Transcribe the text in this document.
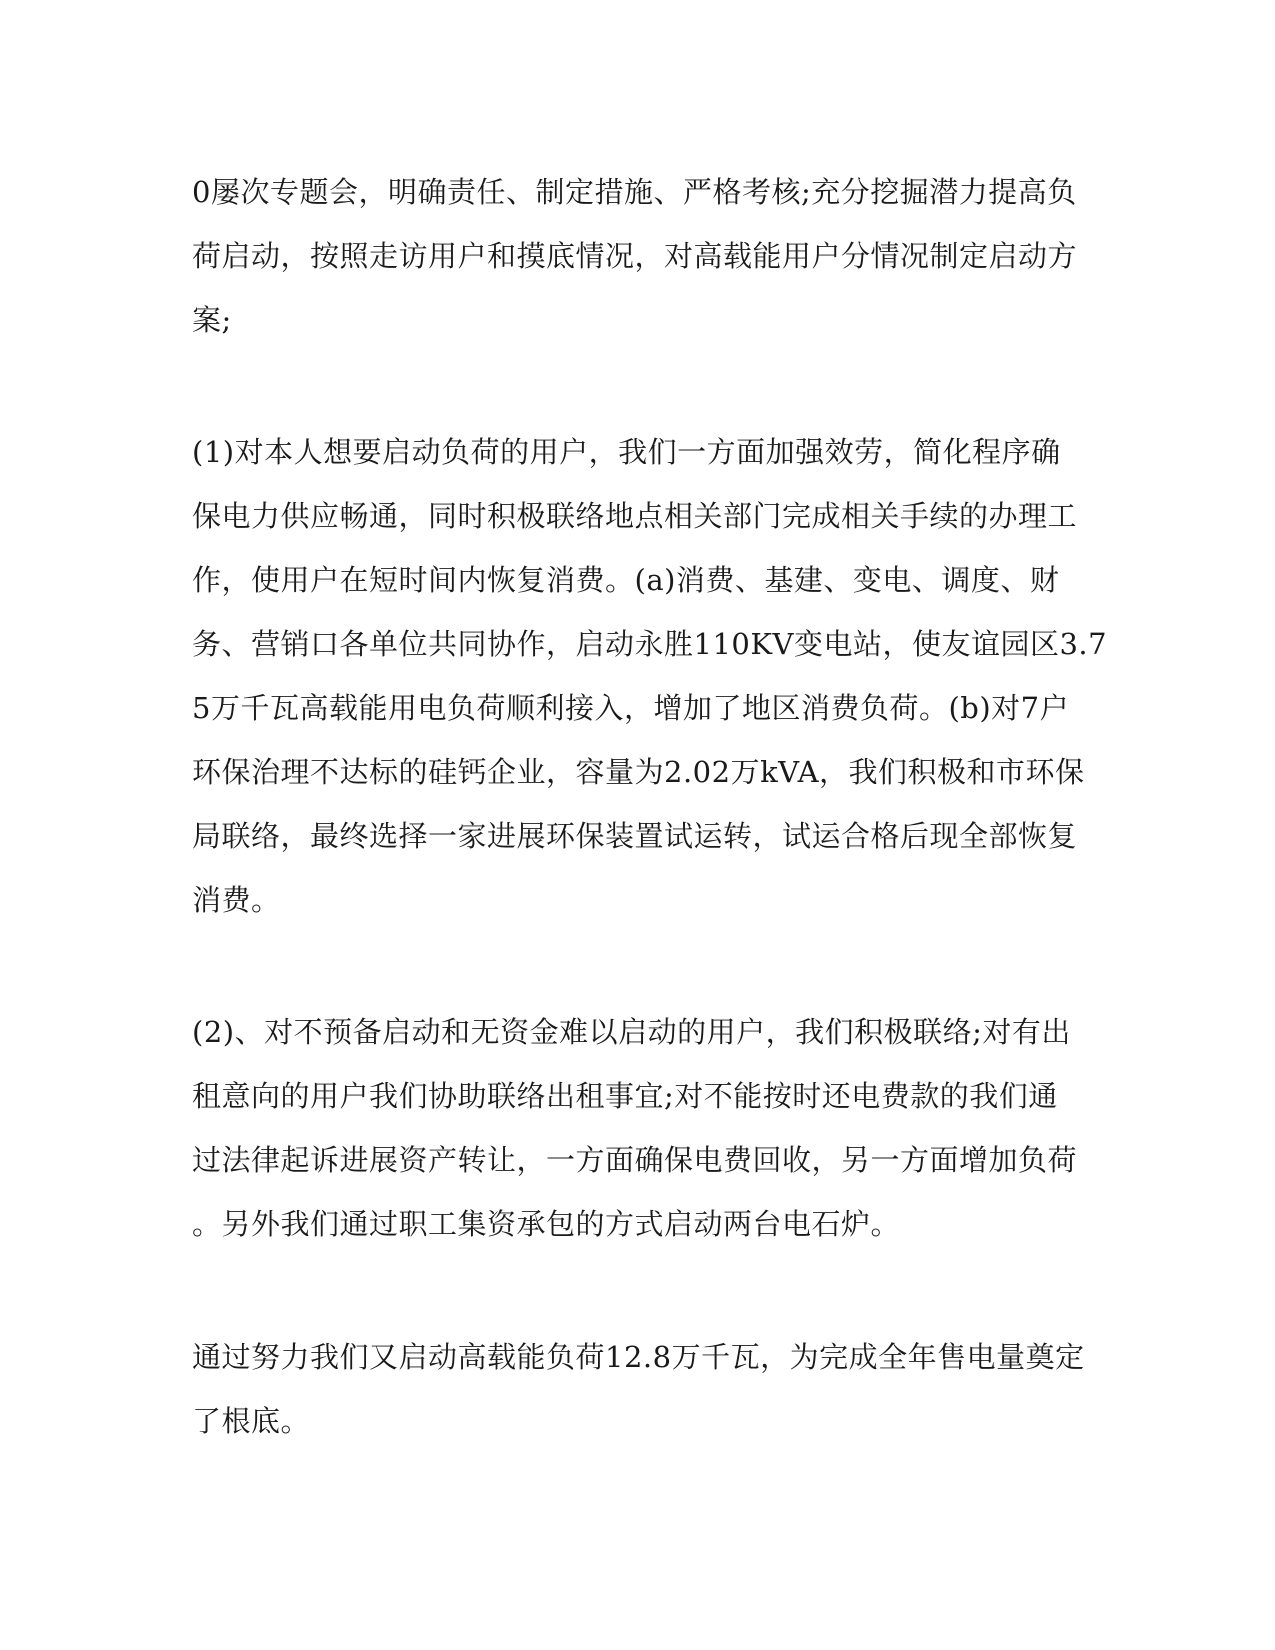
0屡次专题会，明确责任、制定措施、严格考核;充分挖掘潜力提高负
荷启动，按照走访用户和摸底情况，对高载能用户分情况制定启动方
案;
(1)对本人想要启动负荷的用户，我们一方面加强效劳，简化程序确
保电力供应畅通，同时积极联络地点相关部门完成相关手续的办理工
作，使用户在短时间内恢复消费。(a)消费、基建、变电、调度、财
务、营销口各单位共同协作，启动永胜110KV变电站，使友谊园区3.7
5万千瓦高载能用电负荷顺利接入，增加了地区消费负荷。(b)对7户
环保治理不达标的硅钙企业，容量为2.02万kVA，我们积极和市环保
局联络，最终选择一家进展环保装置试运转，试运合格后现全部恢复
消费。
(2)、对不预备启动和无资金难以启动的用户，我们积极联络;对有出
租意向的用户我们协助联络出租事宜;对不能按时还电费款的我们通
过法律起诉进展资产转让，一方面确保电费回收，另一方面增加负荷
。另外我们通过职工集资承包的方式启动两台电石炉。
通过努力我们又启动高载能负荷12.8万千瓦，为完成全年售电量奠定
了根底。
